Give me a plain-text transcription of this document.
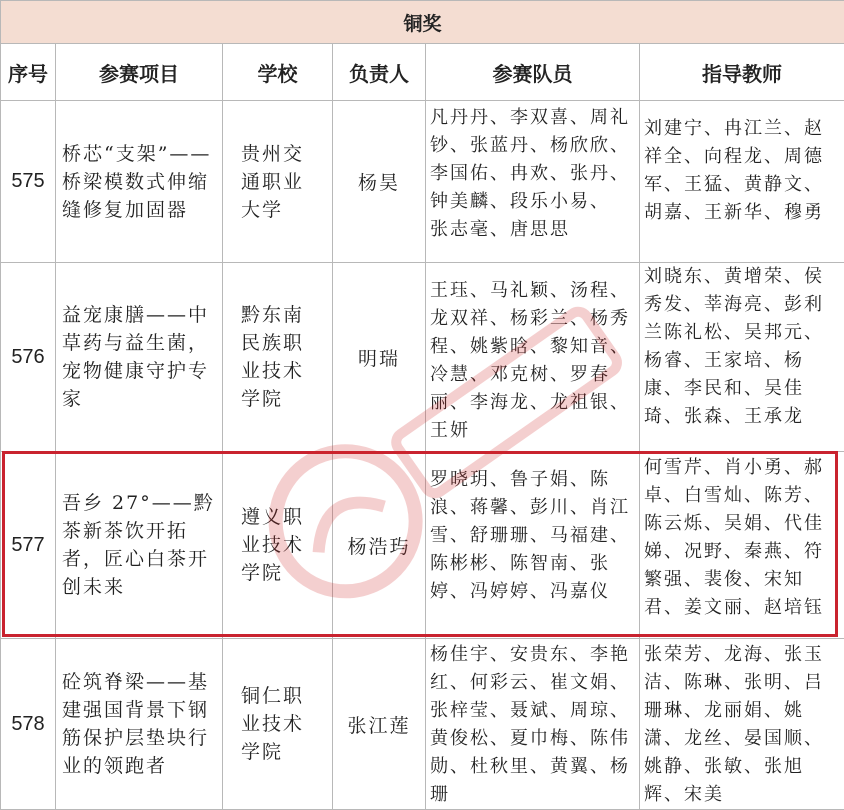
铜奖					
序号	参赛项目	学校	负责人	参赛队员	指导教师
575	桥芯“支架”——桥梁模数式伸缩缝修复加固器	贵州交通职业大学	杨昊	凡丹丹、李双喜、周礼钞、张蓝丹、杨欣欣、李国佑、冉欢、张丹、钟美麟、段乐小易、 张志毫、唐思思	刘建宁、冉江兰、赵祥全、向程龙、周德军、王猛、黄静文、胡嘉、王新华、穆勇

576	益宠康膳——中草药与益生菌，宠物健康守护专家	黔东南民族职业技术学院	明瑞	王珏、马礼颖、汤程、龙双祥、杨彩兰、杨秀程、姚紫晗、黎知音、冷慧、邓克树、罗春丽、李海龙、龙祖银、王妍	刘晓东、黄增荣、侯秀发、莘海亮、彭利兰陈礼松、吴邦元、杨睿、王家培、杨康、李民和、吴佳琦、张森、王承龙

577	吾乡 27°——黔茶新茶饮开拓者，匠心白茶开创未来	遵义职业技术学院	杨浩玙	罗晓玥、鲁子娟、陈浪、蒋馨、彭川、肖江雪、舒珊珊、马福建、陈彬彬、陈智南、张婷、冯婷婷、冯嘉仪	何雪芹、肖小勇、郝卓、白雪灿、陈芳、陈云烁、吴娟、代佳娣、况野、秦燕、符繁强、裴俊、宋知君、姜文丽、赵培钰

578	砼筑脊梁——基建强国背景下钢筋保护层垫块行业的领跑者	铜仁职业技术学院	张江莲	杨佳宇、安贵东、李艳红、何彩云、崔文娟、张梓莹、聂斌、周琼、黄俊松、夏巾梅、陈伟勋、杜秋里、黄翼、杨珊	张荣芳、龙海、张玉洁、陈琳、张明、吕珊琳、龙丽娟、姚潇、龙丝、晏国顺、姚静、张敏、张旭辉、宋美
